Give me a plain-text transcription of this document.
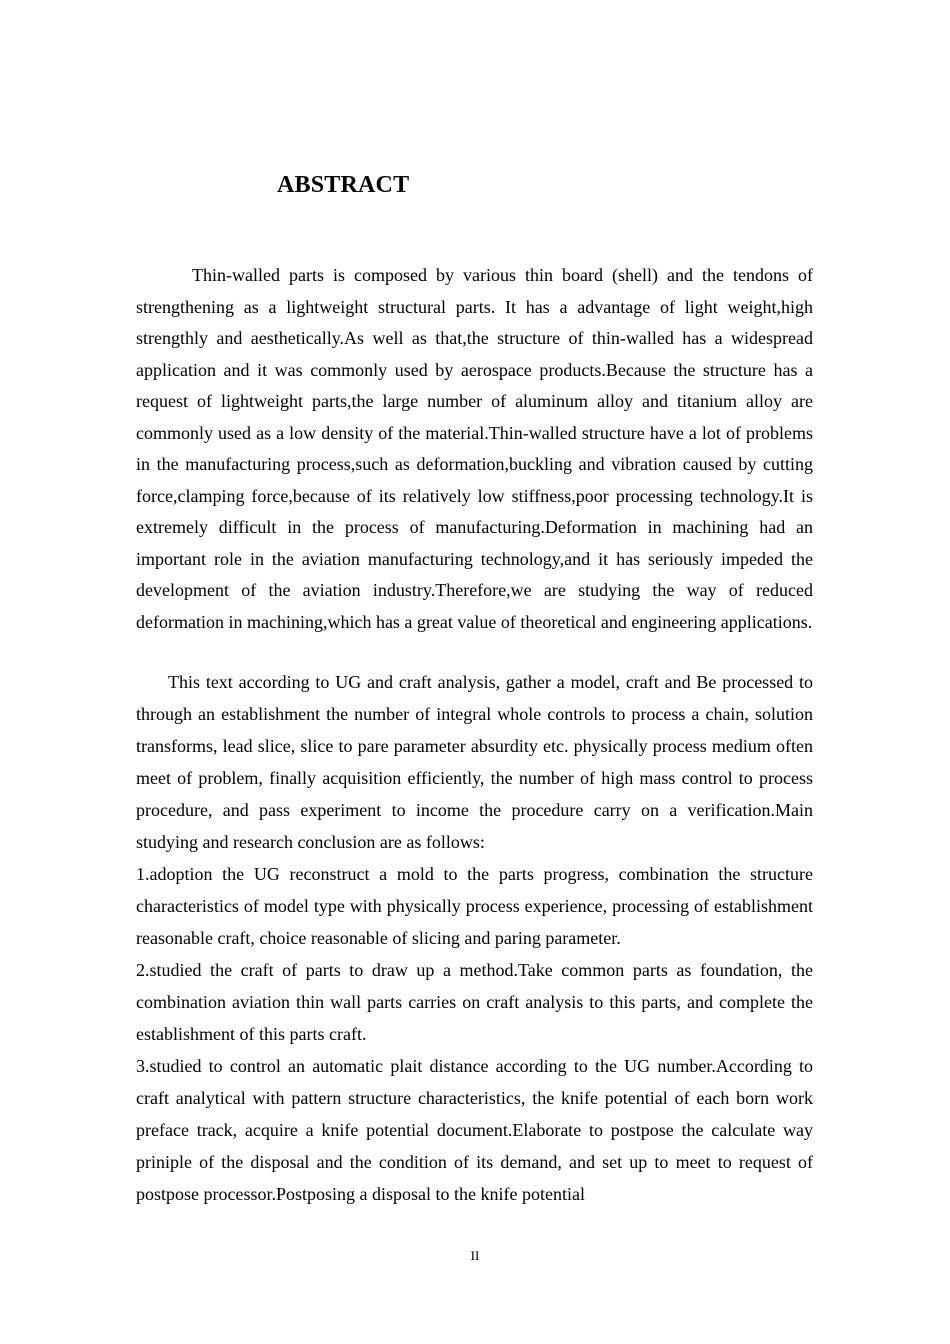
ABSTRACT

Thin-walled parts is composed by various thin board (shell) and the tendons of strengthening as a lightweight structural parts. It has a advantage of light weight,high strengthly and aesthetically.As well as that,the structure of thin-walled has a widespread application and it was commonly used by aerospace products.Because the structure has a request of lightweight parts,the large number of aluminum alloy and titanium alloy are commonly used as a low density of the material.Thin-walled structure have a lot of problems in the manufacturing process,such as deformation,buckling and vibration caused by cutting force,clamping force,because of its relatively low stiffness,poor processing technology.It is extremely difficult in the process of manufacturing.Deformation in machining had an important role in the aviation manufacturing technology,and it has seriously impeded the development of the aviation industry.Therefore,we are studying the way of reduced deformation in machining,which has a great value of theoretical and engineering applications.

This text according to UG and craft analysis, gather a model, craft and Be processed to through an establishment the number of integral whole controls to process a chain, solution transforms, lead slice, slice to pare parameter absurdity etc. physically process medium often meet of problem, finally acquisition efficiently, the number of high mass control to process procedure, and pass experiment to income the procedure carry on a verification.Main studying and research conclusion are as follows:

1.adoption the UG reconstruct a mold to the parts progress, combination the structure characteristics of model type with physically process experience, processing of establishment reasonable craft, choice reasonable of slicing and paring parameter.

2.studied the craft of parts to draw up a method.Take common parts as foundation, the combination aviation thin wall parts carries on craft analysis to this parts, and complete the establishment of this parts craft.

3.studied to control an automatic plait distance according to the UG number.According to craft analytical with pattern structure characteristics, the knife potential of each born work preface track, acquire a knife potential document.Elaborate to postpose the calculate way priniple of the disposal and the condition of its demand, and set up to meet to request of postpose processor.Postposing a disposal to the knife potential

II
